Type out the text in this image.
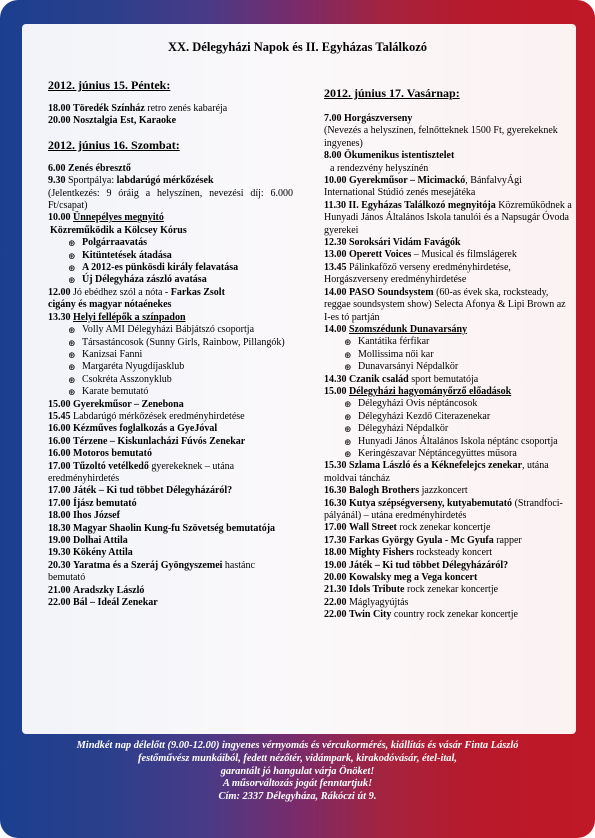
XX. Délegyházi Napok és II. Egyházas Találkozó
2012. június 15. Péntek:

18.00 Töredék Színház retro zenés kabaréja

20.00 Nosztalgia Est, Karaoke

2012. június 16. Szombat:

6.00 Zenés ébresztő

9.30 Sportpálya: labdarúgó mérkőzések

(Jelentkezés: 9 óráig a helyszínen, nevezési díj: 6.000 Ft/csapat)

10.00 Ünnepélyes megnyitó

Közreműködik a Kölcsey Kórus

⊛ Polgárraavatás
⊛ Kitüntetések átadása
⊛ A 2012-es pünkösdi király felavatása
⊛ Új Délegyháza zászló avatása

12.00 Jó ebédhez szól a nóta - Farkas Zsolt

cigány és magyar nótaénekes

13.30 Helyi fellépők a színpadon

⊛ Volly AMI Délegyházi Bábjátszó csoportja
⊛ Társastáncosok (Sunny Girls, Rainbow, Pillangók)
⊛ Kanizsai Fanni
⊛ Margaréta Nyugdíjasklub
⊛ Csokréta Asszonyklub
⊛ Karate bemutató

15.00 Gyerekműsor – Zenebona

15.45 Labdarúgó mérkőzések eredményhirdetése

16.00 Kézműves foglalkozás a GyeJóval

16.00 Térzene – Kiskunlacházi Fúvós Zenekar

16.00 Motoros bemutató

17.00 Tűzoltó vetélkedő gyerekeknek – utána eredményhirdetés

17.00 Játék – Ki tud többet Délegyházáról?

17.00 Íjász bemutató

18.00 Ihos József

18.30 Magyar Shaolin Kung-fu Szövetség bemutatója

19.00 Dolhai Attila

19.30 Kökény Attila

20.30 Yaratma és a Szeráj Gyöngyszemei hastánc bemutató

21.00 Aradszky László

22.00 Bál – Ideál Zenekar

2012. június 17. Vasárnap:

7.00 Horgászverseny

(Nevezés a helyszínen, felnőtteknek 1500 Ft, gyerekeknek ingyenes)

8.00 Ökumenikus istentisztelet

a rendezvény helyszínén

10.00 Gyerekműsor – Micimackó, BánfalvyÁgi International Stúdió zenés mesejátéka

11.30 II. Egyházas Találkozó megnyitója Közreműködnek a Hunyadi János Általános Iskola tanulói és a Napsugár Óvoda gyerekei

12.30 Soroksári Vidám Favágók

13.00 Operett Voices – Musical és filmslágerek

13.45 Pálinkafőző verseny eredményhirdetése, Horgászverseny eredményhirdetése

14.00 PASO Soundsystem (60-as évek ska, rocksteady, reggae soundsystem show) Selecta Afonya & Lipi Brown az I-es tó partján

14.00 Szomszédunk Dunavarsány

⊛ Kantátika férfikar
⊛ Mollissima női kar
⊛ Dunavarsányi Népdalkör

14.30 Czanik család sport bemutatója

15.00 Délegyházi hagyományőrző előadások

⊛ Délegyházi Ovis néptáncosok
⊛ Délegyházi Kezdő Citerazenekar
⊛ Délegyházi Népdalkör
⊛ Hunyadi János Általános Iskola néptánc csoportja
⊛ Keringészavar Néptáncegyüttes műsora

15.30 Szlama László és a Kéknefelejcs zenekar, utána moldvai táncház

16.30 Balogh Brothers jazzkoncert

16.30 Kutya szépségverseny, kutyabemutató (Strandfoci-pályánál) – utána eredményhirdetés

17.00 Wall Street rock zenekar koncertje

17.30 Farkas György Gyula - Mc Gyufa rapper

18.00 Mighty Fishers rocksteady koncert

19.00 Játék – Ki tud többet Délegyházáról?

20.00 Kowalsky meg a Vega koncert

21.30 Idols Tribute rock zenekar koncertje

22.00 Máglyagyújtás

22.00 Twin City country rock zenekar koncertje

Mindkét nap délelőtt (9.00-12.00) ingyenes vérnyomás és vércukormérés, kiállítás és vásár Finta László
festőművész munkáiból, fedett nézőtér, vidámpark, kirakodóvásár, étel-ital,
garantált jó hangulat várja Önöket!
A műsorváltozás jogát fenntartjuk!
Cím: 2337 Délegyháza, Rákóczi út 9.
